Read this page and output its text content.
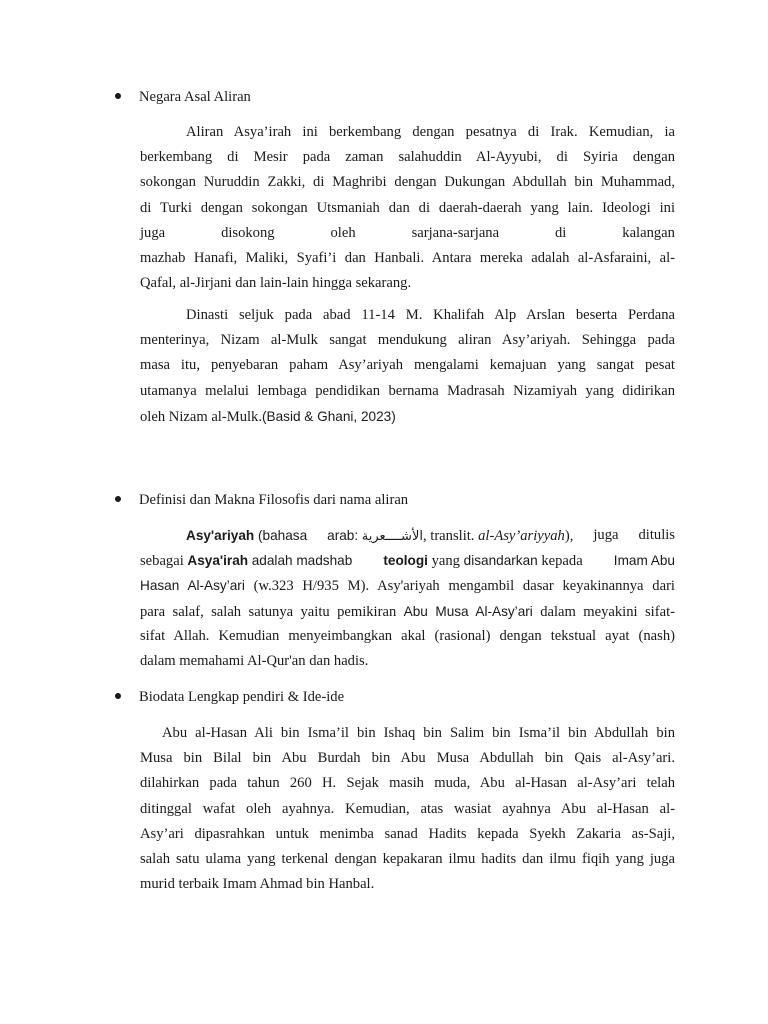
Negara Asal Aliran
Aliran Asya’irah ini berkembang dengan pesatnya di Irak. Kemudian, ia
berkembang di Mesir pada zaman salahuddin Al-Ayyubi, di Syiria dengan
sokongan Nuruddin Zakki, di Maghribi dengan Dukungan Abdullah bin Muhammad,
di Turki dengan sokongan Utsmaniah dan di daerah-daerah yang lain. Ideologi ini
juga	disokong	oleh	sarjana-sarjana	di	kalangan
mazhab Hanafi, Maliki, Syafi’i dan Hanbali. Antara mereka adalah al-Asfaraini, al-
Qafal, al-Jirjani dan lain-lain hingga sekarang.
Dinasti seljuk pada abad 11-14 M. Khalifah Alp Arslan beserta Perdana
menterinya, Nizam al-Mulk sangat mendukung aliran Asy’ariyah. Sehingga pada
masa itu, penyebaran paham Asy’ariyah mengalami kemajuan yang sangat pesat
utamanya melalui lembaga pendidikan bernama Madrasah Nizamiyah yang didirikan
oleh Nizam al-Mulk.(Basid & Ghani, 2023)
Definisi dan Makna Filosofis dari nama aliran
Asy'ariyah (bahasa arab: الأشــــعرية, translit. al-Asy’ariyyah), juga ditulis
sebagai Asya'irah adalah madshab teologi yang disandarkan kepada Imam Abu
Hasan Al-Asy’ari (w.323 H/935 M). Asy'ariyah mengambil dasar keyakinannya dari
para salaf, salah satunya yaitu pemikiran Abu Musa Al-Asy’ari dalam meyakini sifat-
sifat Allah. Kemudian menyeimbangkan akal (rasional) dengan tekstual ayat (nash)
dalam memahami Al-Qur'an dan hadis.
Biodata Lengkap pendiri & Ide-ide
Abu al-Hasan Ali bin Isma’il bin Ishaq bin Salim bin Isma’il bin Abdullah bin
Musa bin Bilal bin Abu Burdah bin Abu Musa Abdullah bin Qais al-Asy’ari.
dilahirkan pada tahun 260 H. Sejak masih muda, Abu al-Hasan al-Asy’ari telah
ditinggal wafat oleh ayahnya. Kemudian, atas wasiat ayahnya Abu al-Hasan al-
Asy’ari dipasrahkan untuk menimba sanad Hadits kepada Syekh Zakaria as-Saji,
salah satu ulama yang terkenal dengan kepakaran ilmu hadits dan ilmu fiqih yang juga
murid terbaik Imam Ahmad bin Hanbal.
